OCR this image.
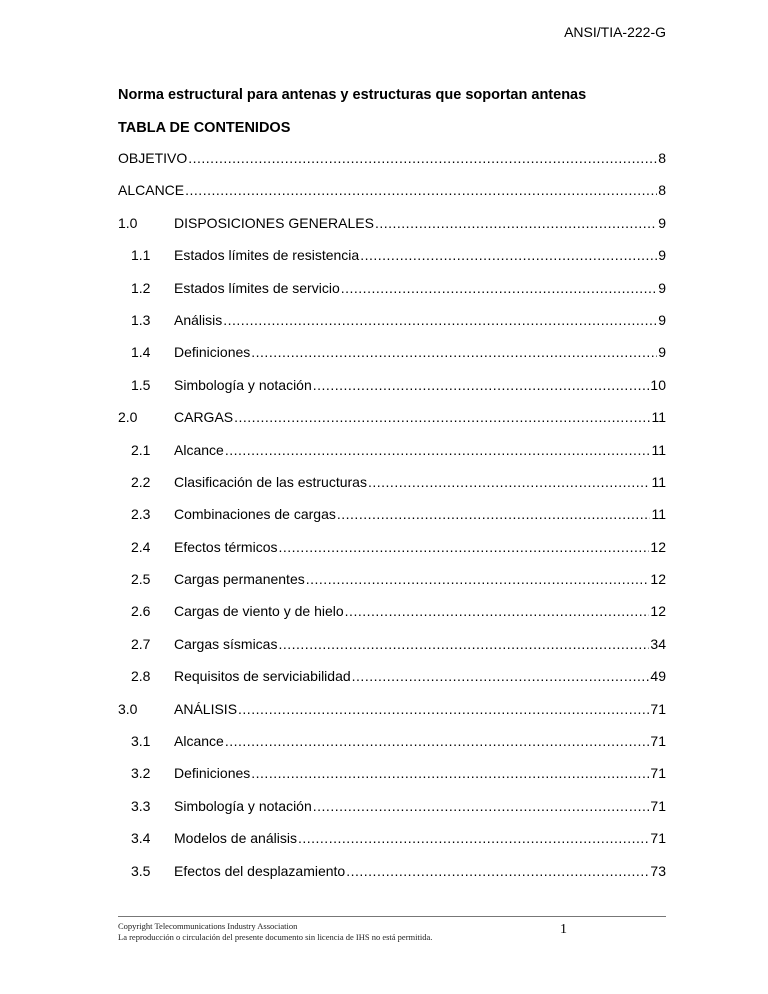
ANSI/TIA-222-G
Norma estructural para antenas y estructuras que soportan antenas
TABLA DE CONTENIDOS
OBJETIVO .....	8
ALCANCE .....	8
1.0	DISPOSICIONES GENERALES .....	9
1.1	Estados límites de resistencia .....	9
1.2	Estados límites de servicio .....	9
1.3	Análisis .....	9
1.4	Definiciones .....	9
1.5	Simbología y notación .....	10
2.0	CARGAS .....	11
2.1	Alcance .....	11
2.2	Clasificación de las estructuras .....	11
2.3	Combinaciones de cargas .....	11
2.4	Efectos térmicos .....	12
2.5	Cargas permanentes .....	12
2.6	Cargas de viento y de hielo .....	12
2.7	Cargas sísmicas .....	34
2.8	Requisitos de serviciabilidad .....	49
3.0	ANÁLISIS .....	71
3.1	Alcance .....	71
3.2	Definiciones .....	71
3.3	Simbología y notación .....	71
3.4	Modelos de análisis .....	71
3.5	Efectos del desplazamiento .....	73
Copyright Telecommunications Industry Association
La reproducción o circulación del presente documento sin licencia de IHS no está permitida.	1
